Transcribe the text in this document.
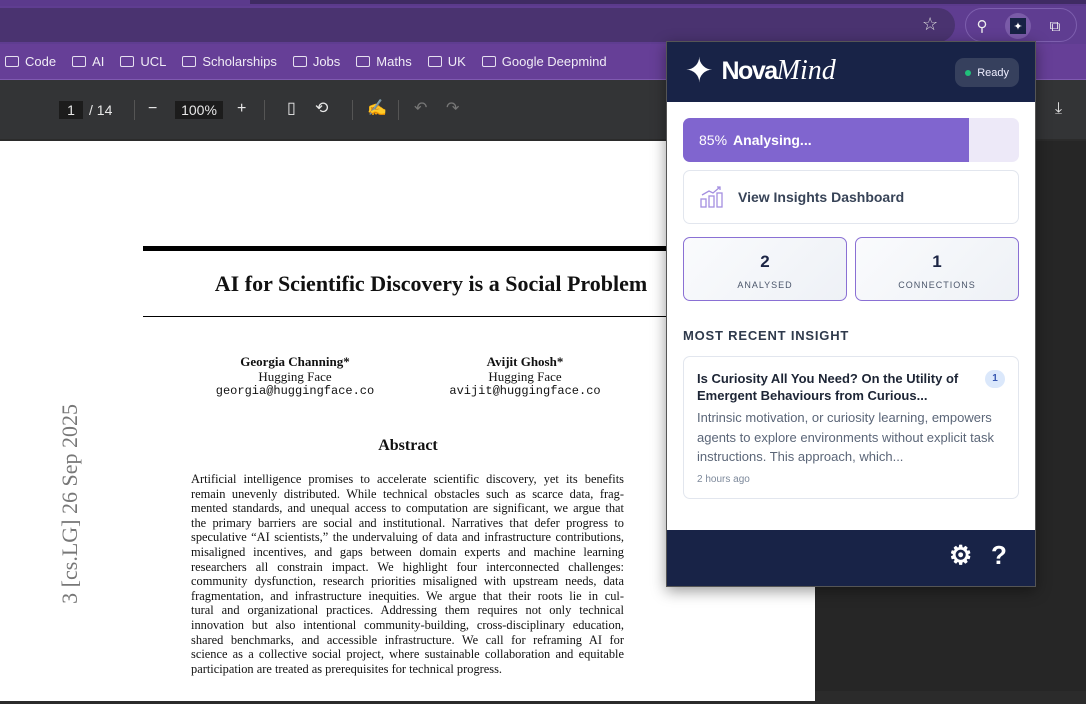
☆	⚲	✦	⧉
Code	AI	UCL	Scholarships	Jobs	Maths	UK	Google Deepmind
1	/ 14 −	100%	+	▯ ⟲ ✍ ↶ ↷	⤓
3 [cs.LG] 26 Sep 2025
AI for Scientific Discovery is a Social Problem
Georgia Channing*
Hugging Face
georgia@huggingface.co
Avijit Ghosh*
Hugging Face
avijit@huggingface.co
Abstract
Artificial intelligence promises to accelerate scientific discovery, yet its benefits
remain unevenly distributed. While technical obstacles such as scarce data, frag-
mented standards, and unequal access to computation are significant, we argue that
the primary barriers are social and institutional. Narratives that defer progress to
speculative “AI scientists,” the undervaluing of data and infrastructure contributions,
misaligned incentives, and gaps between domain experts and machine learning
researchers all constrain impact. We highlight four interconnected challenges:
community dysfunction, research priorities misaligned with upstream needs, data
fragmentation, and infrastructure inequities. We argue that their roots lie in cul-
tural and organizational practices. Addressing them requires not only technical
innovation but also intentional community-building, cross-disciplinary education,
shared benchmarks, and accessible infrastructure. We call for reframing AI for
science as a collective social project, where sustainable collaboration and equitable
participation are treated as prerequisites for technical progress.
✦ Nova Mind	Ready
85% Analysing...
View Insights Dashboard
2
ANALYSED
1
CONNECTIONS
MOST RECENT INSIGHT
Is Curiosity All You Need? On the Utility of Emergent Behaviours from Curious...
1
Intrinsic motivation, or curiosity learning, empowers agents to explore environments without explicit task instructions. This approach, which...
2 hours ago
⚙ ?
